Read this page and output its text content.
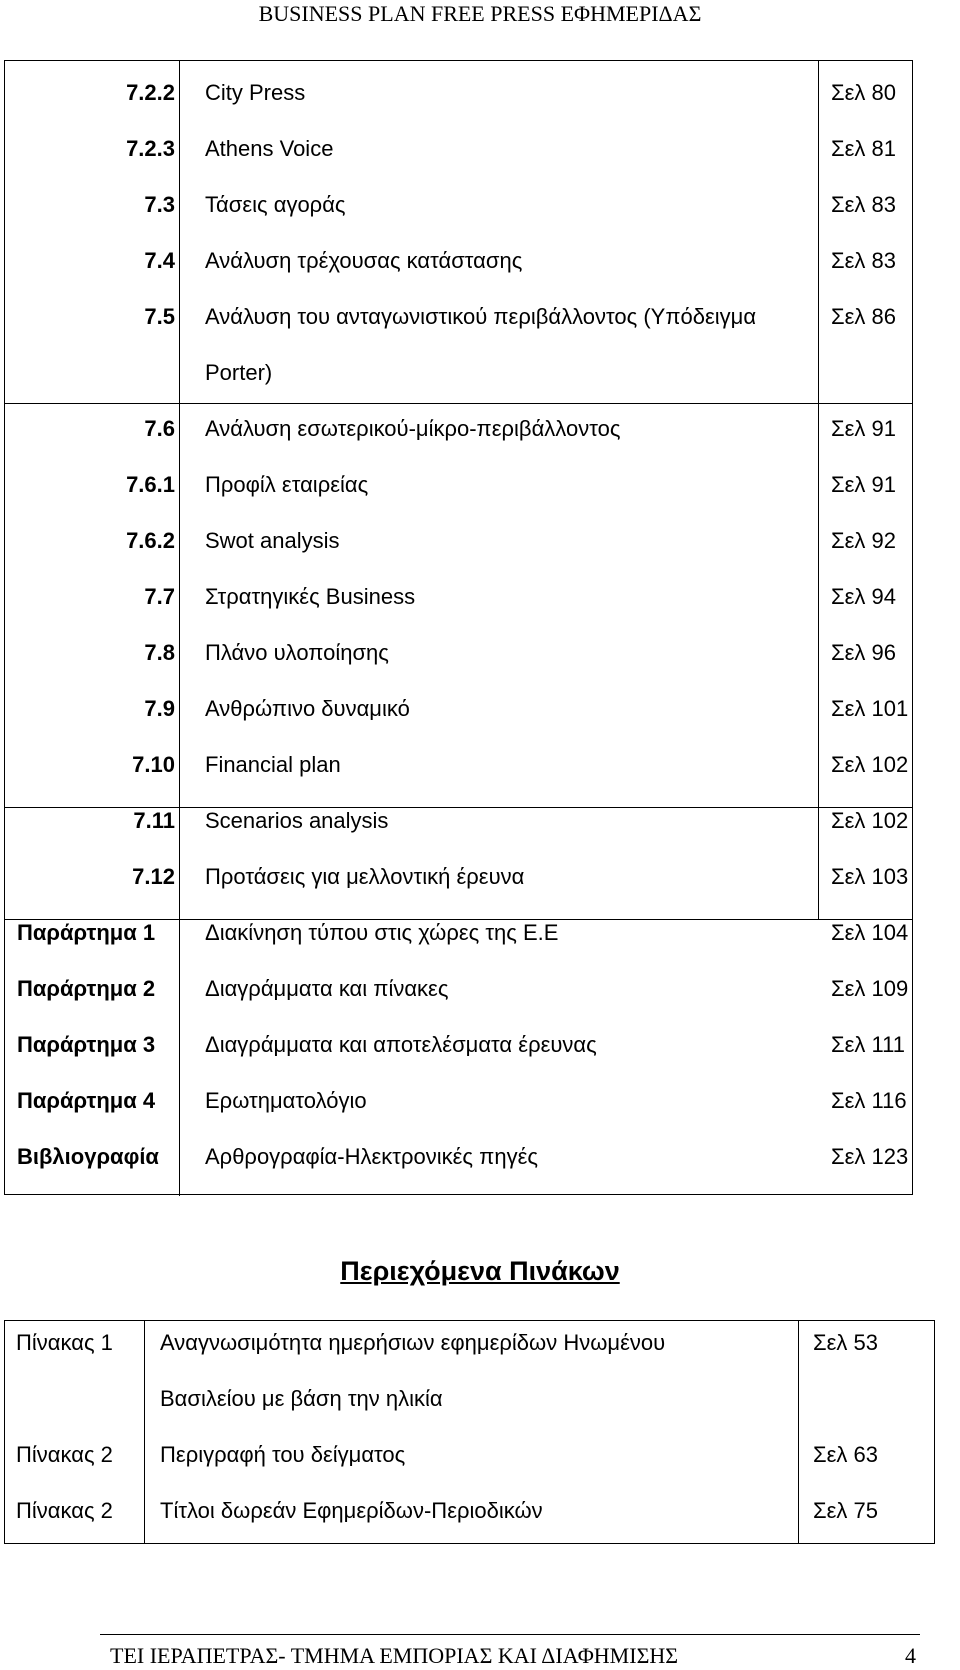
BUSINESS PLAN FREE PRESS ΕΦΗΜΕΡΙΔΑΣ
7.2.2 City Press	Σελ 80
7.2.3 Athens Voice	Σελ 81
7.3 Τάσεις αγοράς	Σελ 83
7.4 Ανάλυση τρέχουσας κατάστασης	Σελ 83
7.5 Ανάλυση του ανταγωνιστικού περιβάλλοντος (Υπόδειγμα	Σελ 86
Porter)
7.6 Ανάλυση εσωτερικού-μίκρο-περιβάλλοντος	Σελ 91
7.6.1 Προφίλ εταιρείας	Σελ 91
7.6.2 Swot analysis	Σελ 92
7.7 Στρατηγικές Business	Σελ 94
7.8 Πλάνο υλοποίησης	Σελ 96
7.9 Ανθρώπινο δυναμικό	Σελ 101
7.10 Financial plan	Σελ 102
7.11 Scenarios analysis	Σελ 102
7.12 Προτάσεις για μελλοντική έρευνα	Σελ 103
Παράρτημα 1 Διακίνηση τύπου στις χώρες της Ε.Ε	Σελ 104
Παράρτημα 2 Διαγράμματα και πίνακες	Σελ 109
Παράρτημα 3 Διαγράμματα και αποτελέσματα έρευνας	Σελ 111
Παράρτημα 4 Ερωτηματολόγιο	Σελ 116
Βιβλιογραφία Αρθρογραφία-Ηλεκτρονικές πηγές	Σελ 123
Περιεχόμενα Πινάκων
Πίνακας 1 Αναγνωσιμότητα ημερήσιων εφημερίδων Ηνωμένου	Σελ 53
Βασιλείου με βάση την ηλικία
Πίνακας 2 Περιγραφή του δείγματος	Σελ 63
Πίνακας 2 Τίτλοι δωρεάν Εφημερίδων-Περιοδικών	Σελ 75
ΤΕΙ ΙΕΡΑΠΕΤΡΑΣ- ΤΜΗΜΑ ΕΜΠΟΡΙΑΣ ΚΑΙ ΔΙΑΦΗΜΙΣΗΣ	4
